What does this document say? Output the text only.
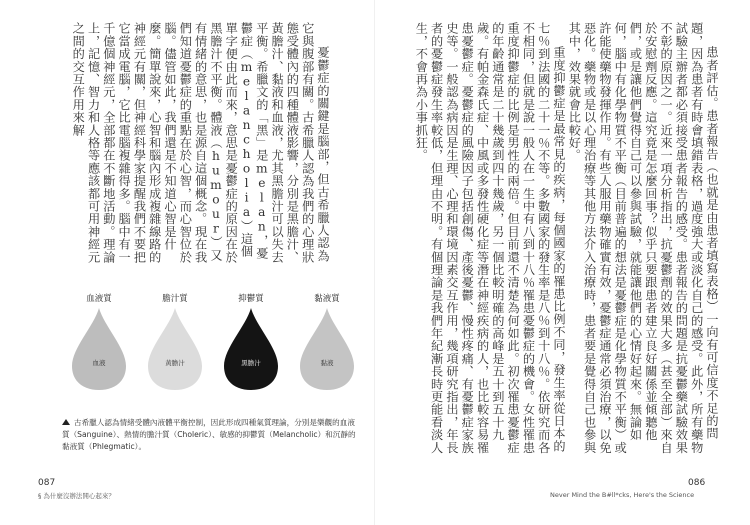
憂鬱症的關鍵是腦部，但古希臘人認為它與腹部有關。古希臘人認為我們的心理狀態受體內的四種體液影響，分別是黑膽汁、黃膽汁、黏液和血液，尤其黑膽汁可以失去平衡。希臘文的「黑」是melan，憂鬱症（melancholia）這個單字便由此而來，意思是憂鬱症的原因在於黑膽汁不平衡。體液（humour）又有情緒的意思，也是源自這個概念。現在我們知道憂鬱症的重點在於心智，而心智位於腦。儘管如此，我們還是不知道心智是什麼。簡單說來，心智和腦內形成複雜線路的神經元有關，但神經科學家提醒我們不要把它當成電腦，它比電腦複雜得多。腦中有一千億個神經元，全部都在不斷地活動。理論上，記憶、智力和人格等應該都可用神經元之間的交互作用來解

血液質
血液
膽汁質
黃膽汁
抑鬱質
黑膽汁
黏液質
黏液
古希臘人認為情緒受體內液體平衡控制，因此形成四種氣質理論，分別是樂觀的血液質（Sanguine）、熱情的膽汁質（Choleric）、敏感的抑鬱質（Melancholic）和沉靜的黏液質（Phlegmatic）。
087
§ 為什麼沒辦法開心起來？

患者評估。患者報告（也就是由患者填寫表格）一向有可信度不足的問題，因為患者有時會填錯表格，過度強大或淡化自己的感受。此外，所有藥物試驗主辦者都必須接受患者報告的感受。患者報告的問題是抗憂鬱藥試驗效果不彰的原因之一。近來一項分析指出，抗憂鬱劑的效果大多（甚至全部）來自於安慰劑反應。這究竟是怎麼回事？似乎只要跟患者建立良好關係並傾聽他們，或是讓他們覺得自己可以參與試驗，就能讓他們的心情好起來。無論如何，腦中有化學物質不平衡（目前普遍的想法是憂鬱症是化學物質不平衡）或許能使藥物發揮作用。有些人服用藥物確實有效，憂鬱症通常必須治療，以免惡化。藥物或是以心理治療等其他方法介入治療時，患者要是覺得自己也參與其中，效果就會比較好。

重度抑鬱症是最常見的疾病，每個國家的罹患比例不同，發生率從日本的七％到法國的二十一％不等。多數國家的發生率是八％到十八％。依研究而各不相同，但就是說一般人在一生中有八到十八％罹患憂鬱症的機會。女性罹患重度抑鬱症的比例是男性的兩倍。但目前還不清楚為何如此。初次罹患憂鬱症的年齡通常是二十幾歲到四十幾歲，另一個比較明確的高峰是五十到五十九歲。有帕金森氏症、中風或多發性硬化症等潛在神經疾病的人，也比較容易罹患憂鬱症。憂鬱症的風險因子包括創傷、產後憂鬱、慢性疼痛、有憂鬱症家族史等。一般認為病因是生理、心理和環境因素交互作用，幾項研究指出，年長者的憂鬱症發生率較低，但理由不明。有個理論是我們年紀漸長時更能看淡人生，不會再為小事抓狂。

086
Never Mind the B#ll*cks, Here's the Science
